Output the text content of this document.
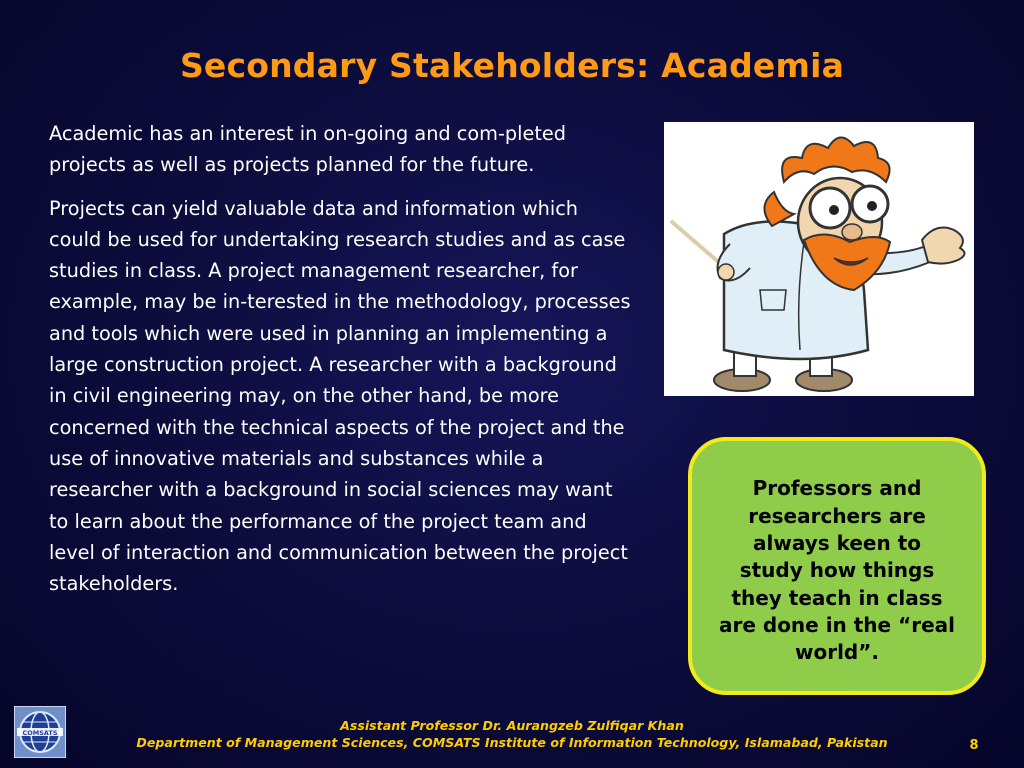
Secondary Stakeholders: Academia

Academic has an interest in on-going and com-pleted projects as well as projects planned for the future.

Projects can yield valuable data and information which could be used for undertaking research studies and as case studies in class. A project management researcher, for example, may be in-terested in the methodology, processes and tools which were used in planning an implementing a large construction project. A researcher with a background in civil engineering may, on the other hand, be more concerned with the technical aspects of the project and the use of innovative materials and substances while a researcher with a background in social sciences may want to learn about the performance of the project team and level of interaction and communication between the project stakeholders.

Professors and researchers are always keen to study how things they teach in class are done in the “real world”.
COMSATS	Assistant Professor Dr. Aurangzeb Zulfiqar Khan
Department of Management Sciences, COMSATS Institute of Information Technology, Islamabad, Pakistan	8
